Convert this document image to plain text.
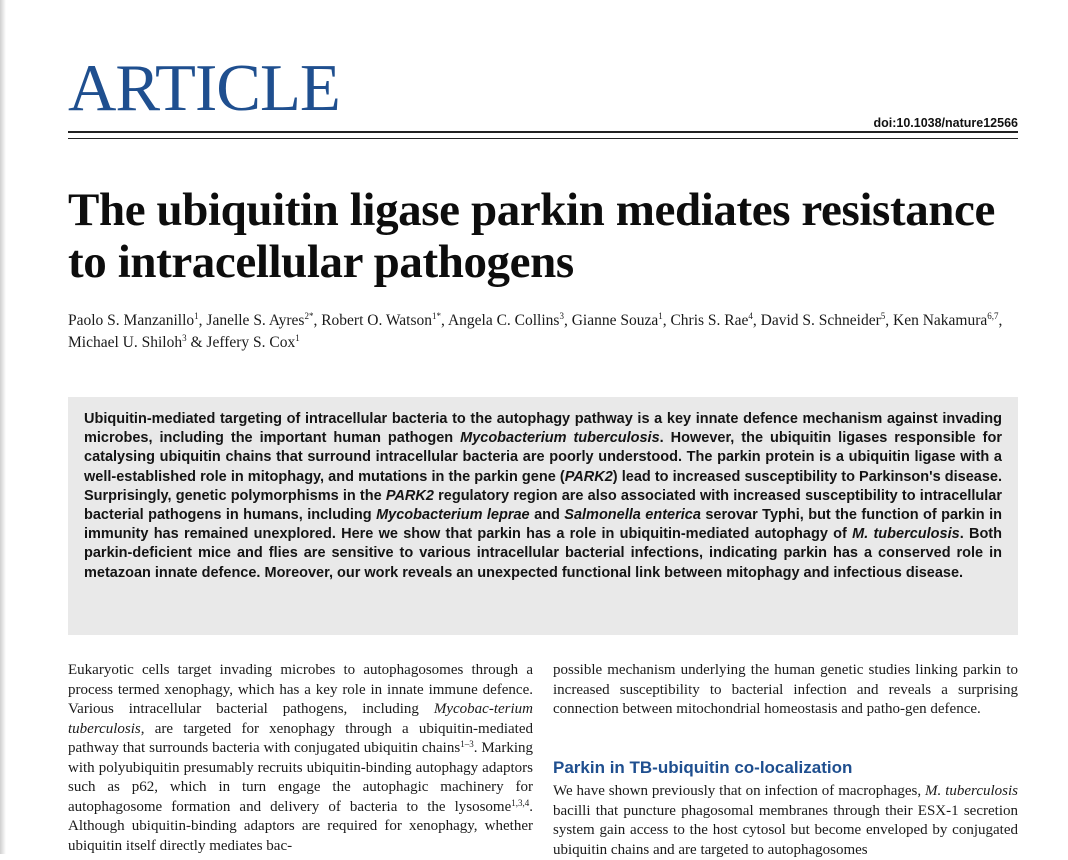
ARTICLE	doi:10.1038/nature12566

The ubiquitin ligase parkin mediates resistance to intracellular pathogens

Paolo S. Manzanillo$^1$, Janelle S. Ayres$^{2*}$, Robert O. Watson$^{1*}$, Angela C. Collins$^3$, Gianne Souza$^1$, Chris S. Rae$^4$, David S. Schneider$^5$, Ken Nakamura$^{6,7}$, Michael U. Shiloh$^3$ & Jeffery S. Cox$^1$

Ubiquitin-mediated targeting of intracellular bacteria to the autophagy pathway is a key innate defence mechanism against invading microbes, including the important human pathogen Mycobacterium tuberculosis. However, the ubiquitin ligases responsible for catalysing ubiquitin chains that surround intracellular bacteria are poorly understood. The parkin protein is a ubiquitin ligase with a well-established role in mitophagy, and mutations in the parkin gene (PARK2) lead to increased susceptibility to Parkinson's disease. Surprisingly, genetic polymorphisms in the PARK2 regulatory region are also associated with increased susceptibility to intracellular bacterial pathogens in humans, including Mycobacterium leprae and Salmonella enterica serovar Typhi, but the function of parkin in immunity has remained unexplored. Here we show that parkin has a role in ubiquitin-mediated autophagy of M. tuberculosis. Both parkin-deficient mice and flies are sensitive to various intracellular bacterial infections, indicating parkin has a conserved role in metazoan innate defence. Moreover, our work reveals an unexpected functional link between mitophagy and infectious disease.

Eukaryotic cells target invading microbes to autophagosomes through a process termed xenophagy, which has a key role in innate immune defence. Various intracellular bacterial pathogens, including Mycobac-terium tuberculosis, are targeted for xenophagy through a ubiquitin-mediated pathway that surrounds bacteria with conjugated ubiquitin chains$^{1-3}$. Marking with polyubiquitin presumably recruits ubiquitin-binding autophagy adaptors such as p62, which in turn engage the autophagic machinery for autophagosome formation and delivery of bacteria to the lysosome$^{1,3,4}$. Although ubiquitin-binding adaptors are required for xenophagy, whether ubiquitin itself directly mediates bac-

possible mechanism underlying the human genetic studies linking parkin to increased susceptibility to bacterial infection and reveals a surprising connection between mitochondrial homeostasis and patho-gen defence.

Parkin in TB-ubiquitin co-localization

We have shown previously that on infection of macrophages, M. tuberculosis bacilli that puncture phagosomal membranes through their ESX-1 secretion system gain access to the host cytosol but become enveloped by conjugated ubiquitin chains and are targeted to autophagosomes
